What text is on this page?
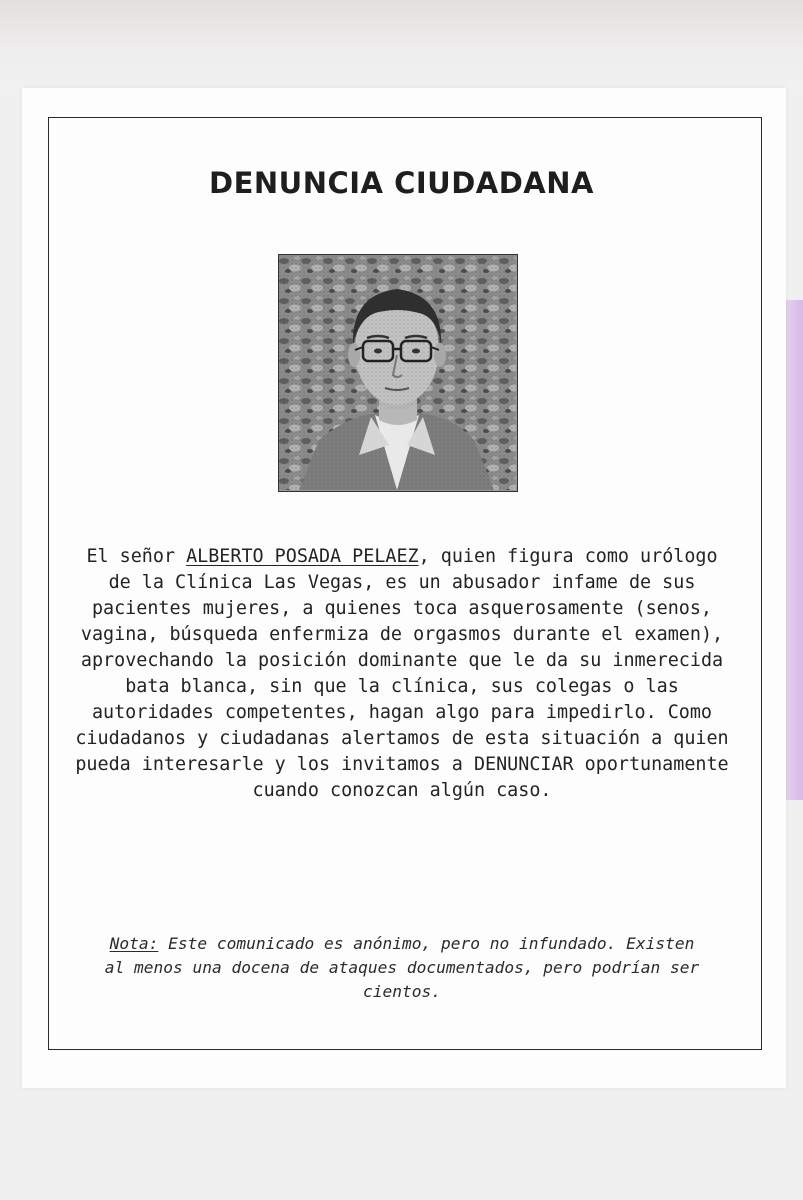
DENUNCIA CIUDADANA

El señor ALBERTO POSADA PELAEZ, quien figura como urólogo de la Clínica Las Vegas, es un abusador infame de sus pacientes mujeres, a quienes toca asquerosamente (senos, vagina, búsqueda enfermiza de orgasmos durante el examen), aprovechando la posición dominante que le da su inmerecida bata blanca, sin que la clínica, sus colegas o las autoridades competentes, hagan algo para impedirlo. Como ciudadanos y ciudadanas alertamos de esta situación a quien pueda interesarle y los invitamos a DENUNCIAR oportunamente cuando conozcan algún caso.

Nota: Este comunicado es anónimo, pero no infundado. Existen al menos una docena de ataques documentados, pero podrían ser cientos.
